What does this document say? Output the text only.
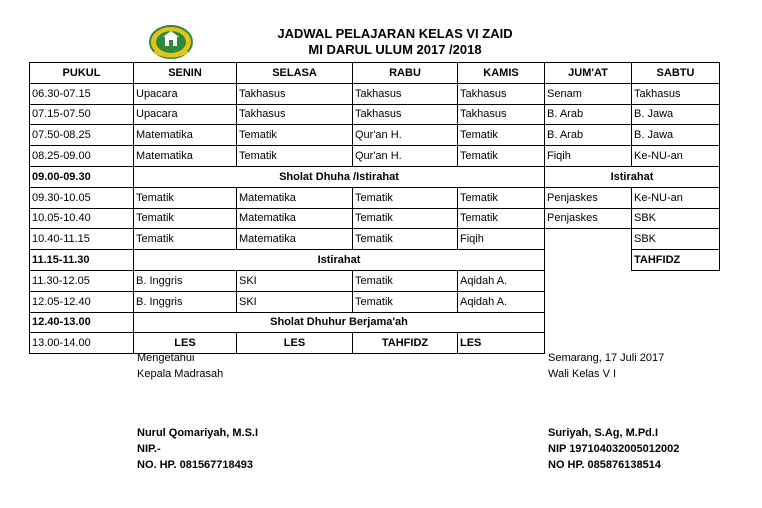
JADWAL PELAJARAN KELAS VI ZAID
MI DARUL ULUM 2017 /2018
PUKUL	SENIN	SELASA	RABU	KAMIS	JUM'AT	SABTU
06.30-07.15	Upacara	Takhasus	Takhasus	Takhasus	Senam	Takhasus
07.15-07.50	Upacara	Takhasus	Takhasus	Takhasus	B. Arab	B. Jawa
07.50-08.25	Matematika	Tematik	Qur'an H.	Tematik	B. Arab	B. Jawa
08.25-09.00	Matematika	Tematik	Qur'an H.	Tematik	Fiqih	Ke-NU-an
09.00-09.30	Sholat Dhuha /Istirahat				Istirahat	
09.30-10.05	Tematik	Matematika	Tematik	Tematik	Penjaskes	Ke-NU-an
10.05-10.40	Tematik	Matematika	Tematik	Tematik	Penjaskes	SBK
10.40-11.15	Tematik	Matematika	Tematik	Fiqih		SBK
11.15-11.30	Istirahat					TAHFIDZ
11.30-12.05	B. Inggris	SKI	Tematik	Aqidah A.		
12.05-12.40	B. Inggris	SKI	Tematik	Aqidah A.		
12.40-13.00	Sholat Dhuhur Berjama'ah					
13.00-14.00	LES	LES	TAHFIDZ	LES		
Mengetahui
Kepala Madrasah
Nurul Qomariyah, M.S.I
NIP.-
NO. HP. 081567718493
Semarang, 17 Juli 2017
Wali Kelas V I
Suriyah, S.Ag, M.Pd.I
NIP 197104032005012002
NO HP. 085876138514
